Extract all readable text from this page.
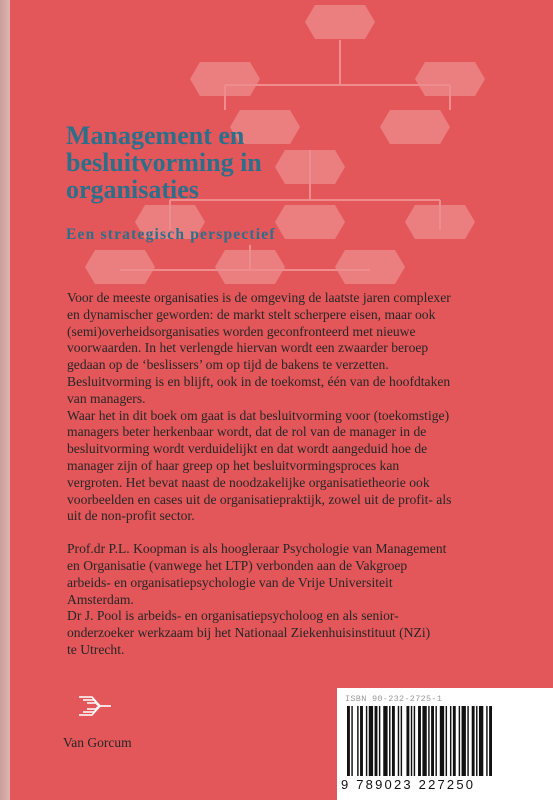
Management en
besluitvorming in
organisaties
Een strategisch perspectief

Voor de meeste organisaties is de omgeving de laatste jaren complexer
en dynamischer geworden: de markt stelt scherpere eisen, maar ook
(semi)overheidsorganisaties worden geconfronteerd met nieuwe
voorwaarden. In het verlengde hiervan wordt een zwaarder beroep
gedaan op de ‘beslissers’ om op tijd de bakens te verzetten.
Besluitvorming is en blijft, ook in de toekomst, één van de hoofdtaken
van managers.

Waar het in dit boek om gaat is dat besluitvorming voor (toekomstige)
managers beter herkenbaar wordt, dat de rol van de manager in de
besluitvorming wordt verduidelijkt en dat wordt aangeduid hoe de
manager zijn of haar greep op het besluitvormingsproces kan
vergroten. Het bevat naast de noodzakelijke organisatietheorie ook
voorbeelden en cases uit de organisatiepraktijk, zowel uit de profit- als
uit de non-profit sector.

Prof.dr P.L. Koopman is als hoogleraar Psychologie van Management
en Organisatie (vanwege het LTP) verbonden aan de Vakgroep
arbeids- en organisatiepsychologie van de Vrije Universiteit
Amsterdam.

Dr J. Pool is arbeids- en organisatiepsycholoog en als senior-
onderzoeker werkzaam bij het Nationaal Ziekenhuisinstituut (NZi)
te Utrecht.

Van Gorcum
ISBN 90-232-2725-1
9 789023 227250
